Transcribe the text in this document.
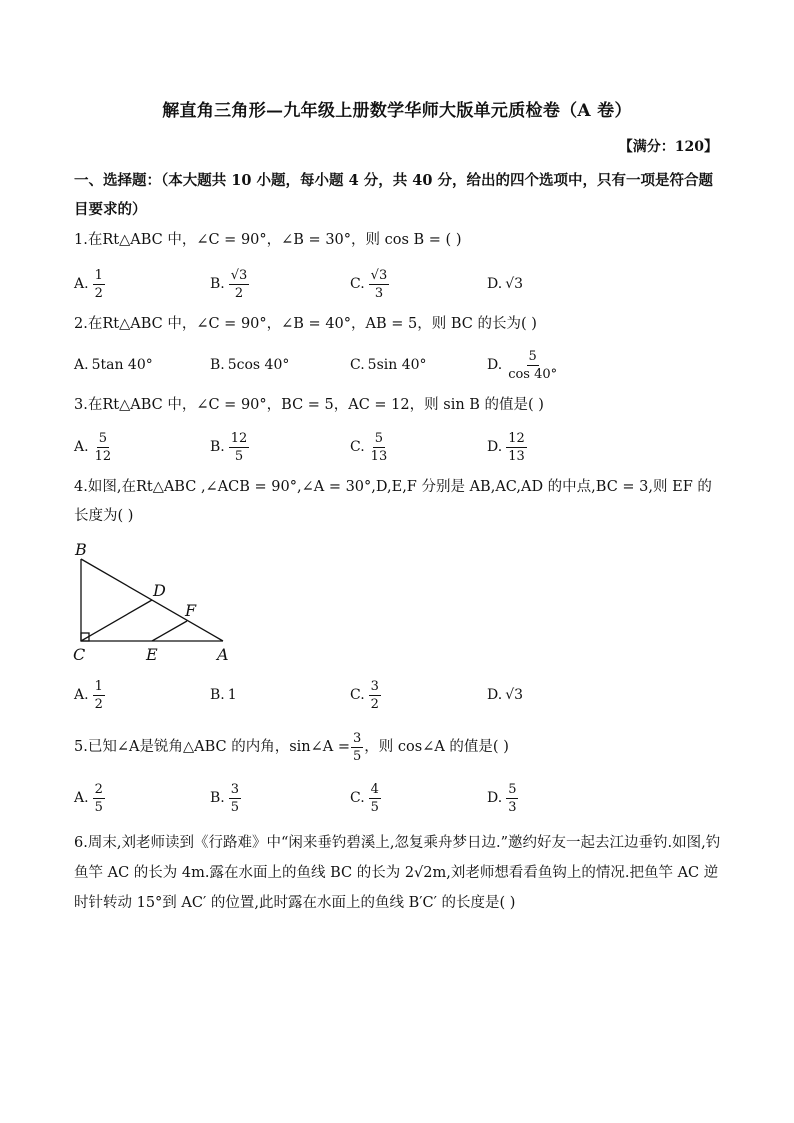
解直角三角形—九年级上册数学华师大版单元质检卷（A 卷）
【满分：120】
一、选择题：（本大题共 10 小题，每小题 4 分，共 40 分，给出的四个选项中，只有一项是符合题目要求的）
1.在Rt△ABC 中，∠C = 90°，∠B = 30°，则 cos B = ( )
A. $\frac{1}{2}$	B. $\frac{√3}{2}$	C. $\frac{√3}{3}$	D. √3
2.在Rt△ABC 中，∠C = 90°，∠B = 40°，AB = 5，则 BC 的长为( )
A. 5tan 40°	B. 5cos 40°	C. 5sin 40°	D. $\frac{5}{\cos 40^\circ}$
3.在Rt△ABC 中，∠C = 90°，BC = 5，AC = 12，则 sin B 的值是( )
A. $\frac{5}{12}$	B. $\frac{12}{5}$	C. $\frac{5}{13}$	D. $\frac{12}{13}$
4.如图,在Rt△ABC ,∠ACB = 90°,∠A = 30°,D,E,F 分别是 AB,AC,AD 的中点,BC = 3,则 EF 的长度为( )
B
D
F
C	E	A
A. $\frac{1}{2}$	B. 1	C. $\frac{3}{2}$	D. √3
5.已知∠A是锐角△ABC 的内角，sin∠A = $\frac{3}{5}$ ，则 cos∠A 的值是( )
A. $\frac{2}{5}$	B. $\frac{3}{5}$	C. $\frac{4}{5}$	D. $\frac{5}{3}$
6.周末,刘老师读到《行路难》中“闲来垂钓碧溪上,忽复乘舟梦日边.”邀约好友一起去江边垂钓.如图,钓鱼竿 AC 的长为 4m.露在水面上的鱼线 BC 的长为 2√2m,刘老师想看看鱼钩上的情况.把鱼竿 AC 逆时针转动 15°到 AC′ 的位置,此时露在水面上的鱼线 B′C′ 的长度是( )
